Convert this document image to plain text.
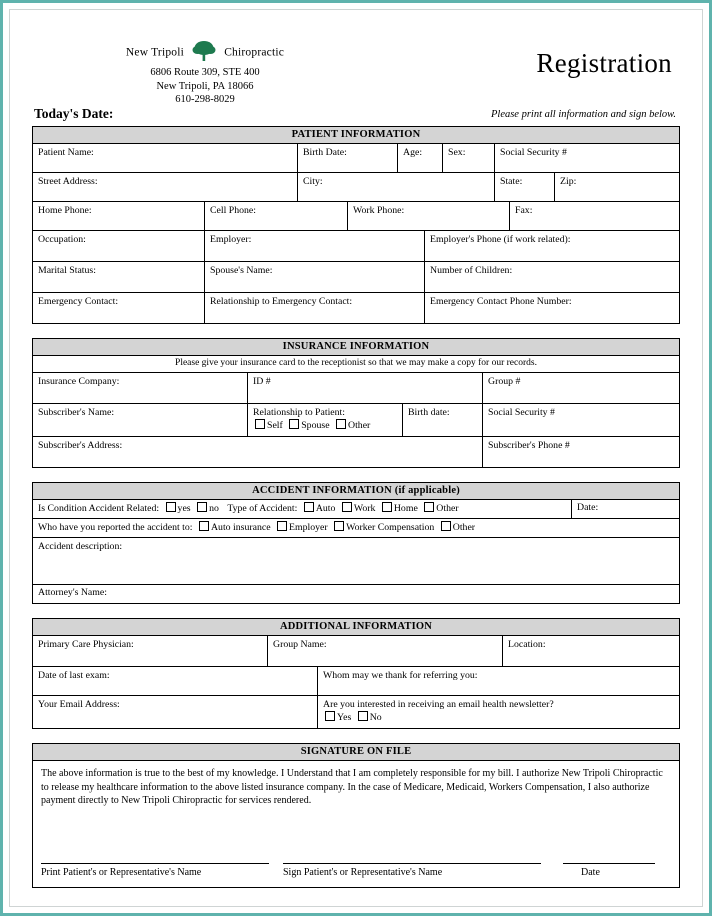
New Tripoli	Chiropractic
6806 Route 309, STE 400
New Tripoli, PA 18066
610-298-8029
Registration
Today's Date:	Please print all information and sign below.
PATIENT INFORMATION
Patient Name:	Birth Date:	Age:	Sex:	Social Security #
Street Address:	City:	State:	Zip:
Home Phone:	Cell Phone:	Work Phone:	Fax:
Occupation:	Employer:	Employer's Phone (if work related):
Marital Status:	Spouse's Name:	Number of Children:
Emergency Contact:	Relationship to Emergency Contact:	Emergency Contact Phone Number:
INSURANCE INFORMATION
Please give your insurance card to the receptionist so that we may make a copy for our records.
Insurance Company:	ID #	Group #
Subscriber's Name:	Relationship to Patient:
Self Spouse Other
Birth date:	Social Security #
Subscriber's Address:	Subscriber's Phone #
ACCIDENT INFORMATION (if applicable)
Is Condition Accident Related: yes no Type of Accident: Auto Work Home Other	Date:
Who have you reported the accident to: Auto insurance Employer Worker Compensation Other
Accident description:
Attorney's Name:
ADDITIONAL INFORMATION
Primary Care Physician:	Group Name:	Location:
Date of last exam:	Whom may we thank for referring you:
Your Email Address:	Are you interested in receiving an email health newsletter?
Yes No
SIGNATURE ON FILE
The above information is true to the best of my knowledge. I Understand that I am completely responsible for my bill. I authorize New Tripoli Chiropractic to release my healthcare information to the above listed insurance company. In the case of Medicare, Medicaid, Workers Compensation, I also authorize payment directly to New Tripoli Chiropractic for services rendered.
Print Patient's or Representative's Name	Sign Patient's or Representative's Name	Date
